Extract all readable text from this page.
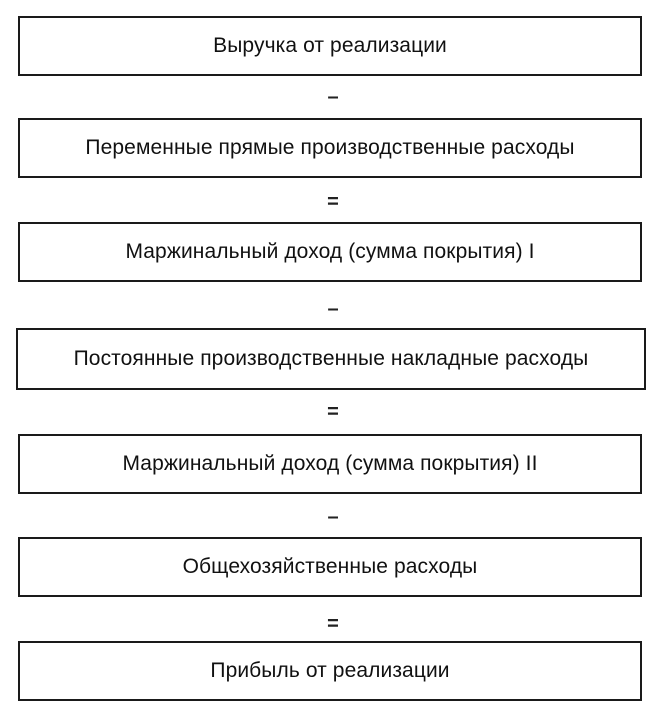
Выручка от реализации
–
Переменные прямые производственные расходы
=
Маржинальный доход (сумма покрытия) I
–
Постоянные производственные накладные расходы
=
Маржинальный доход (сумма покрытия) II
–
Общехозяйственные расходы
=
Прибыль от реализации
